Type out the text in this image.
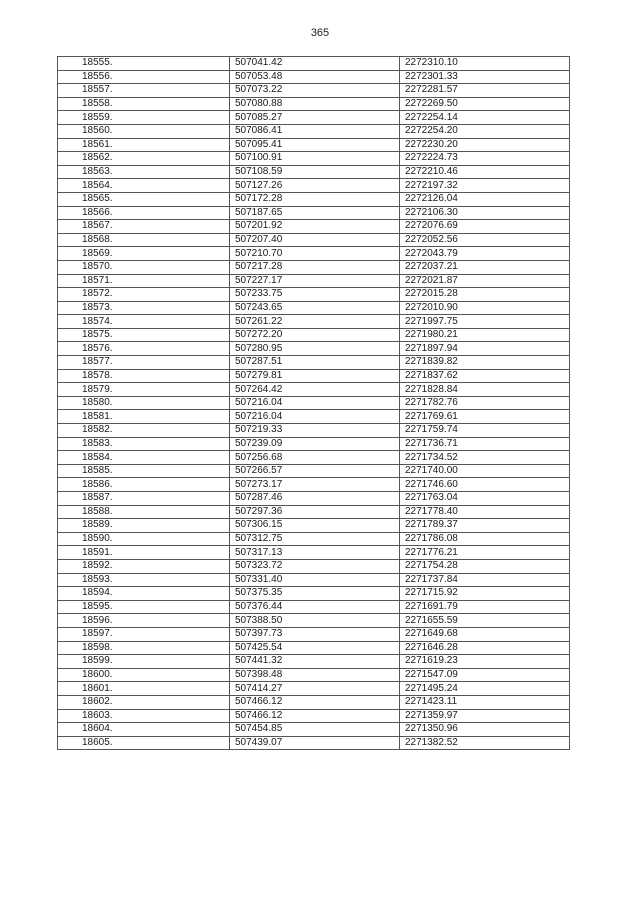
365
18555.	507041.42	2272310.10
18556.	507053.48	2272301.33
18557.	507073.22	2272281.57
18558.	507080.88	2272269.50
18559.	507085.27	2272254.14
18560.	507086.41	2272254.20
18561.	507095.41	2272230.20
18562.	507100.91	2272224.73
18563.	507108.59	2272210.46
18564.	507127.26	2272197.32
18565.	507172.28	2272126.04
18566.	507187.65	2272106.30
18567.	507201.92	2272076.69
18568.	507207.40	2272052.56
18569.	507210.70	2272043.79
18570.	507217.28	2272037.21
18571.	507227.17	2272021.87
18572.	507233.75	2272015.28
18573.	507243.65	2272010.90
18574.	507261.22	2271997.75
18575.	507272.20	2271980.21
18576.	507280.95	2271897.94
18577.	507287.51	2271839.82
18578.	507279.81	2271837.62
18579.	507264.42	2271828.84
18580.	507216.04	2271782.76
18581.	507216.04	2271769.61
18582.	507219.33	2271759.74
18583.	507239.09	2271736.71
18584.	507256.68	2271734.52
18585.	507266.57	2271740.00
18586.	507273.17	2271746.60
18587.	507287.46	2271763.04
18588.	507297.36	2271778.40
18589.	507306.15	2271789.37
18590.	507312.75	2271786.08
18591.	507317.13	2271776.21
18592.	507323.72	2271754.28
18593.	507331.40	2271737.84
18594.	507375.35	2271715.92
18595.	507376.44	2271691.79
18596.	507388.50	2271655.59
18597.	507397.73	2271649.68
18598.	507425.54	2271646.28
18599.	507441.32	2271619.23
18600.	507398.48	2271547.09
18601.	507414.27	2271495.24
18602.	507466.12	2271423.11
18603.	507466.12	2271359.97
18604.	507454.85	2271350.96
18605.	507439.07	2271382.52
